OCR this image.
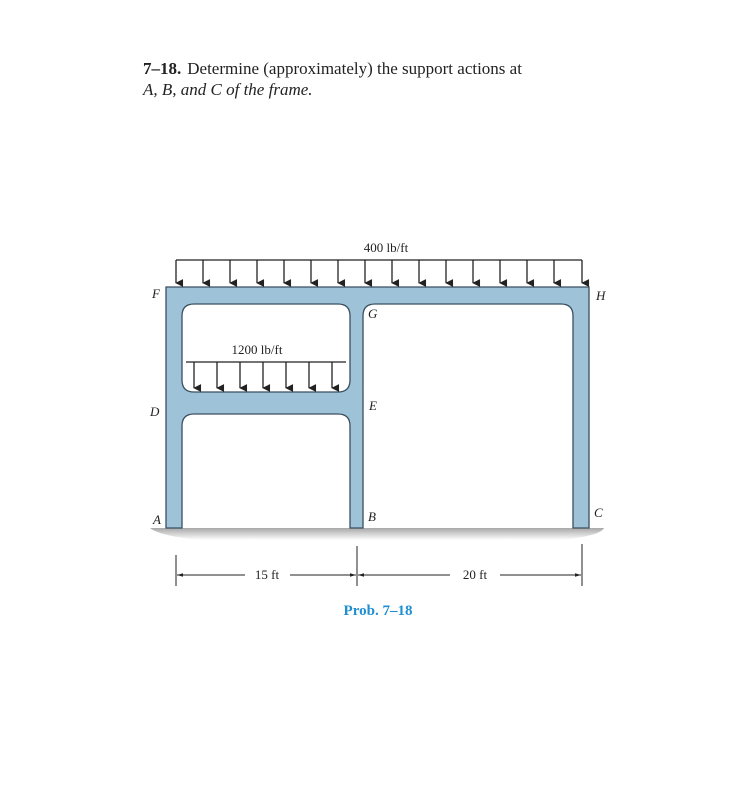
7–18. Determine (approximately) the support actions at
A, B, and C of the frame.
400 lb/ft
1200 lb/ft
F	H
G
D	E
A	B	C
15 ft	20 ft
Prob. 7–18
